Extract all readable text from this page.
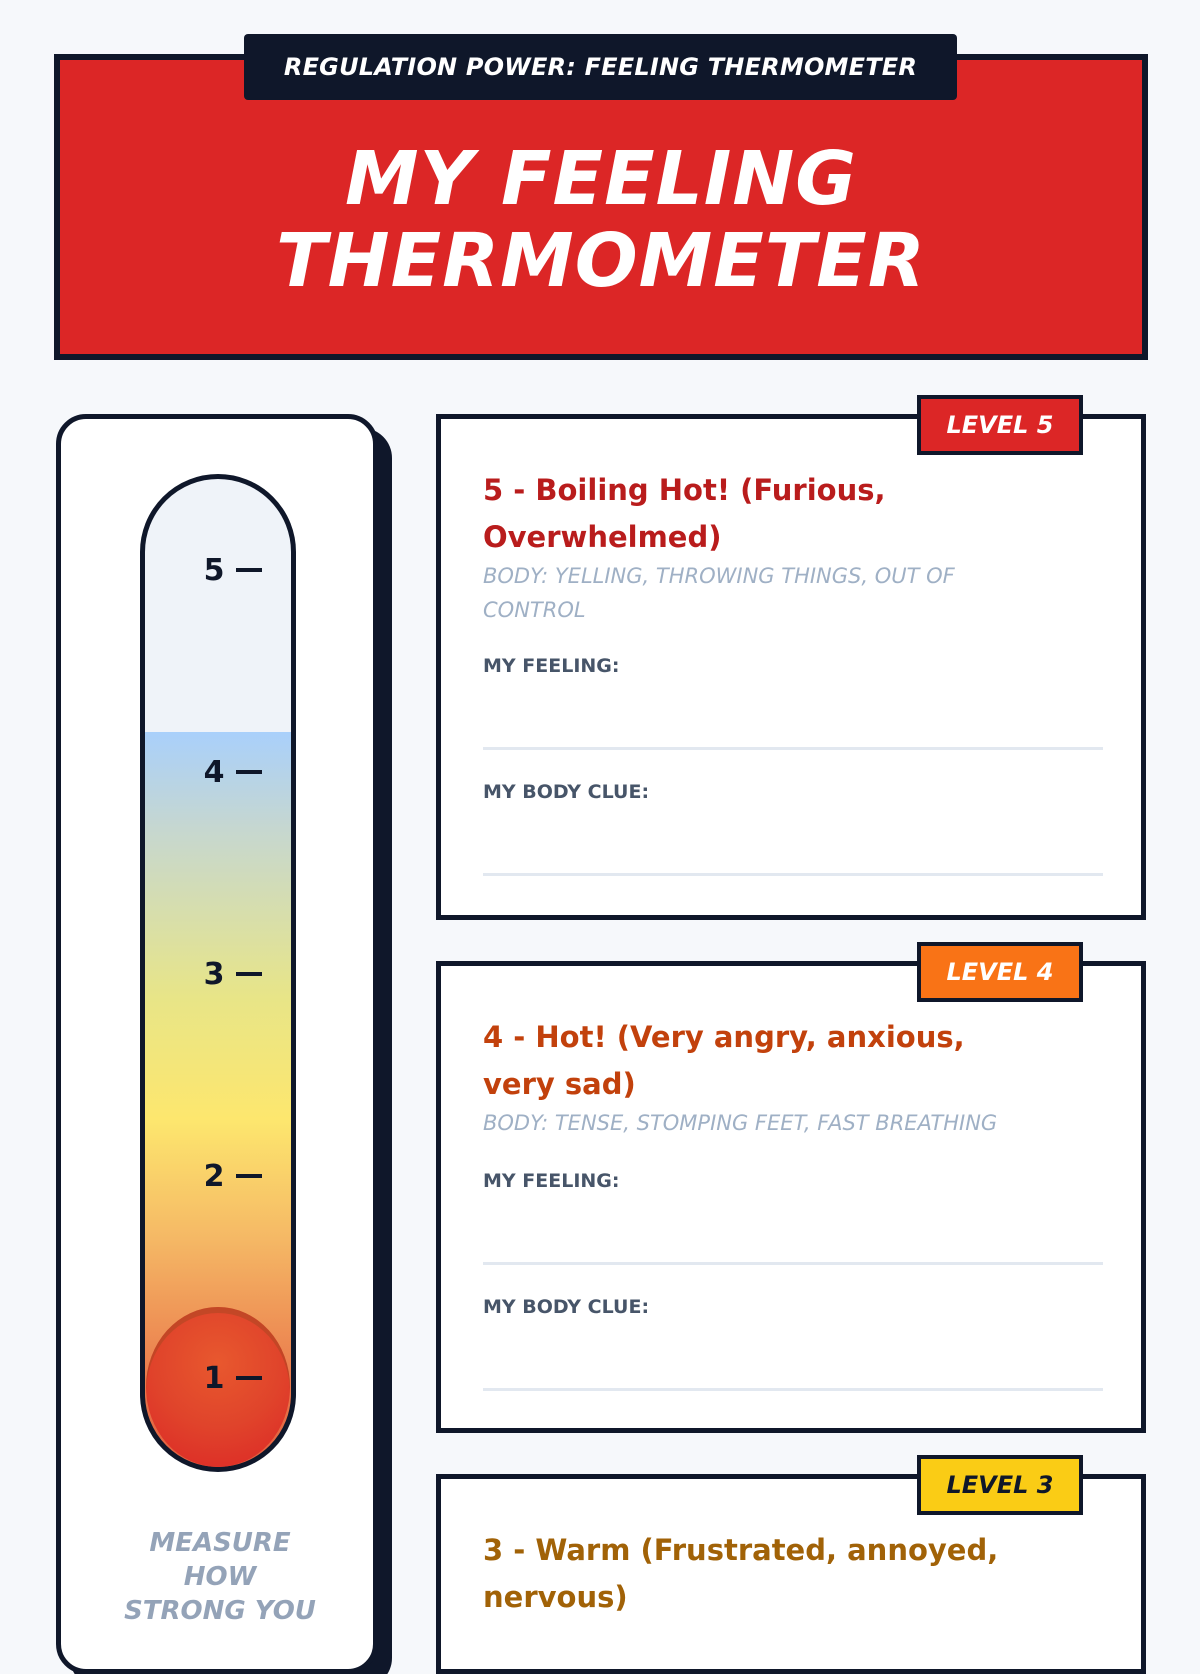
REGULATION POWER: FEELING THERMOMETER
MY FEELING
THERMOMETER
5
4
3
2
1
MEASURE HOW STRONG YOU
LEVEL 5
5 - Boiling Hot! (Furious, Overwhelmed)
BODY: YELLING, THROWING THINGS, OUT OF CONTROL
MY FEELING:
MY BODY CLUE:
LEVEL 4
4 - Hot! (Very angry, anxious, very sad)
BODY: TENSE, STOMPING FEET, FAST BREATHING
MY FEELING:
MY BODY CLUE:
LEVEL 3
3 - Warm (Frustrated, annoyed, nervous)
